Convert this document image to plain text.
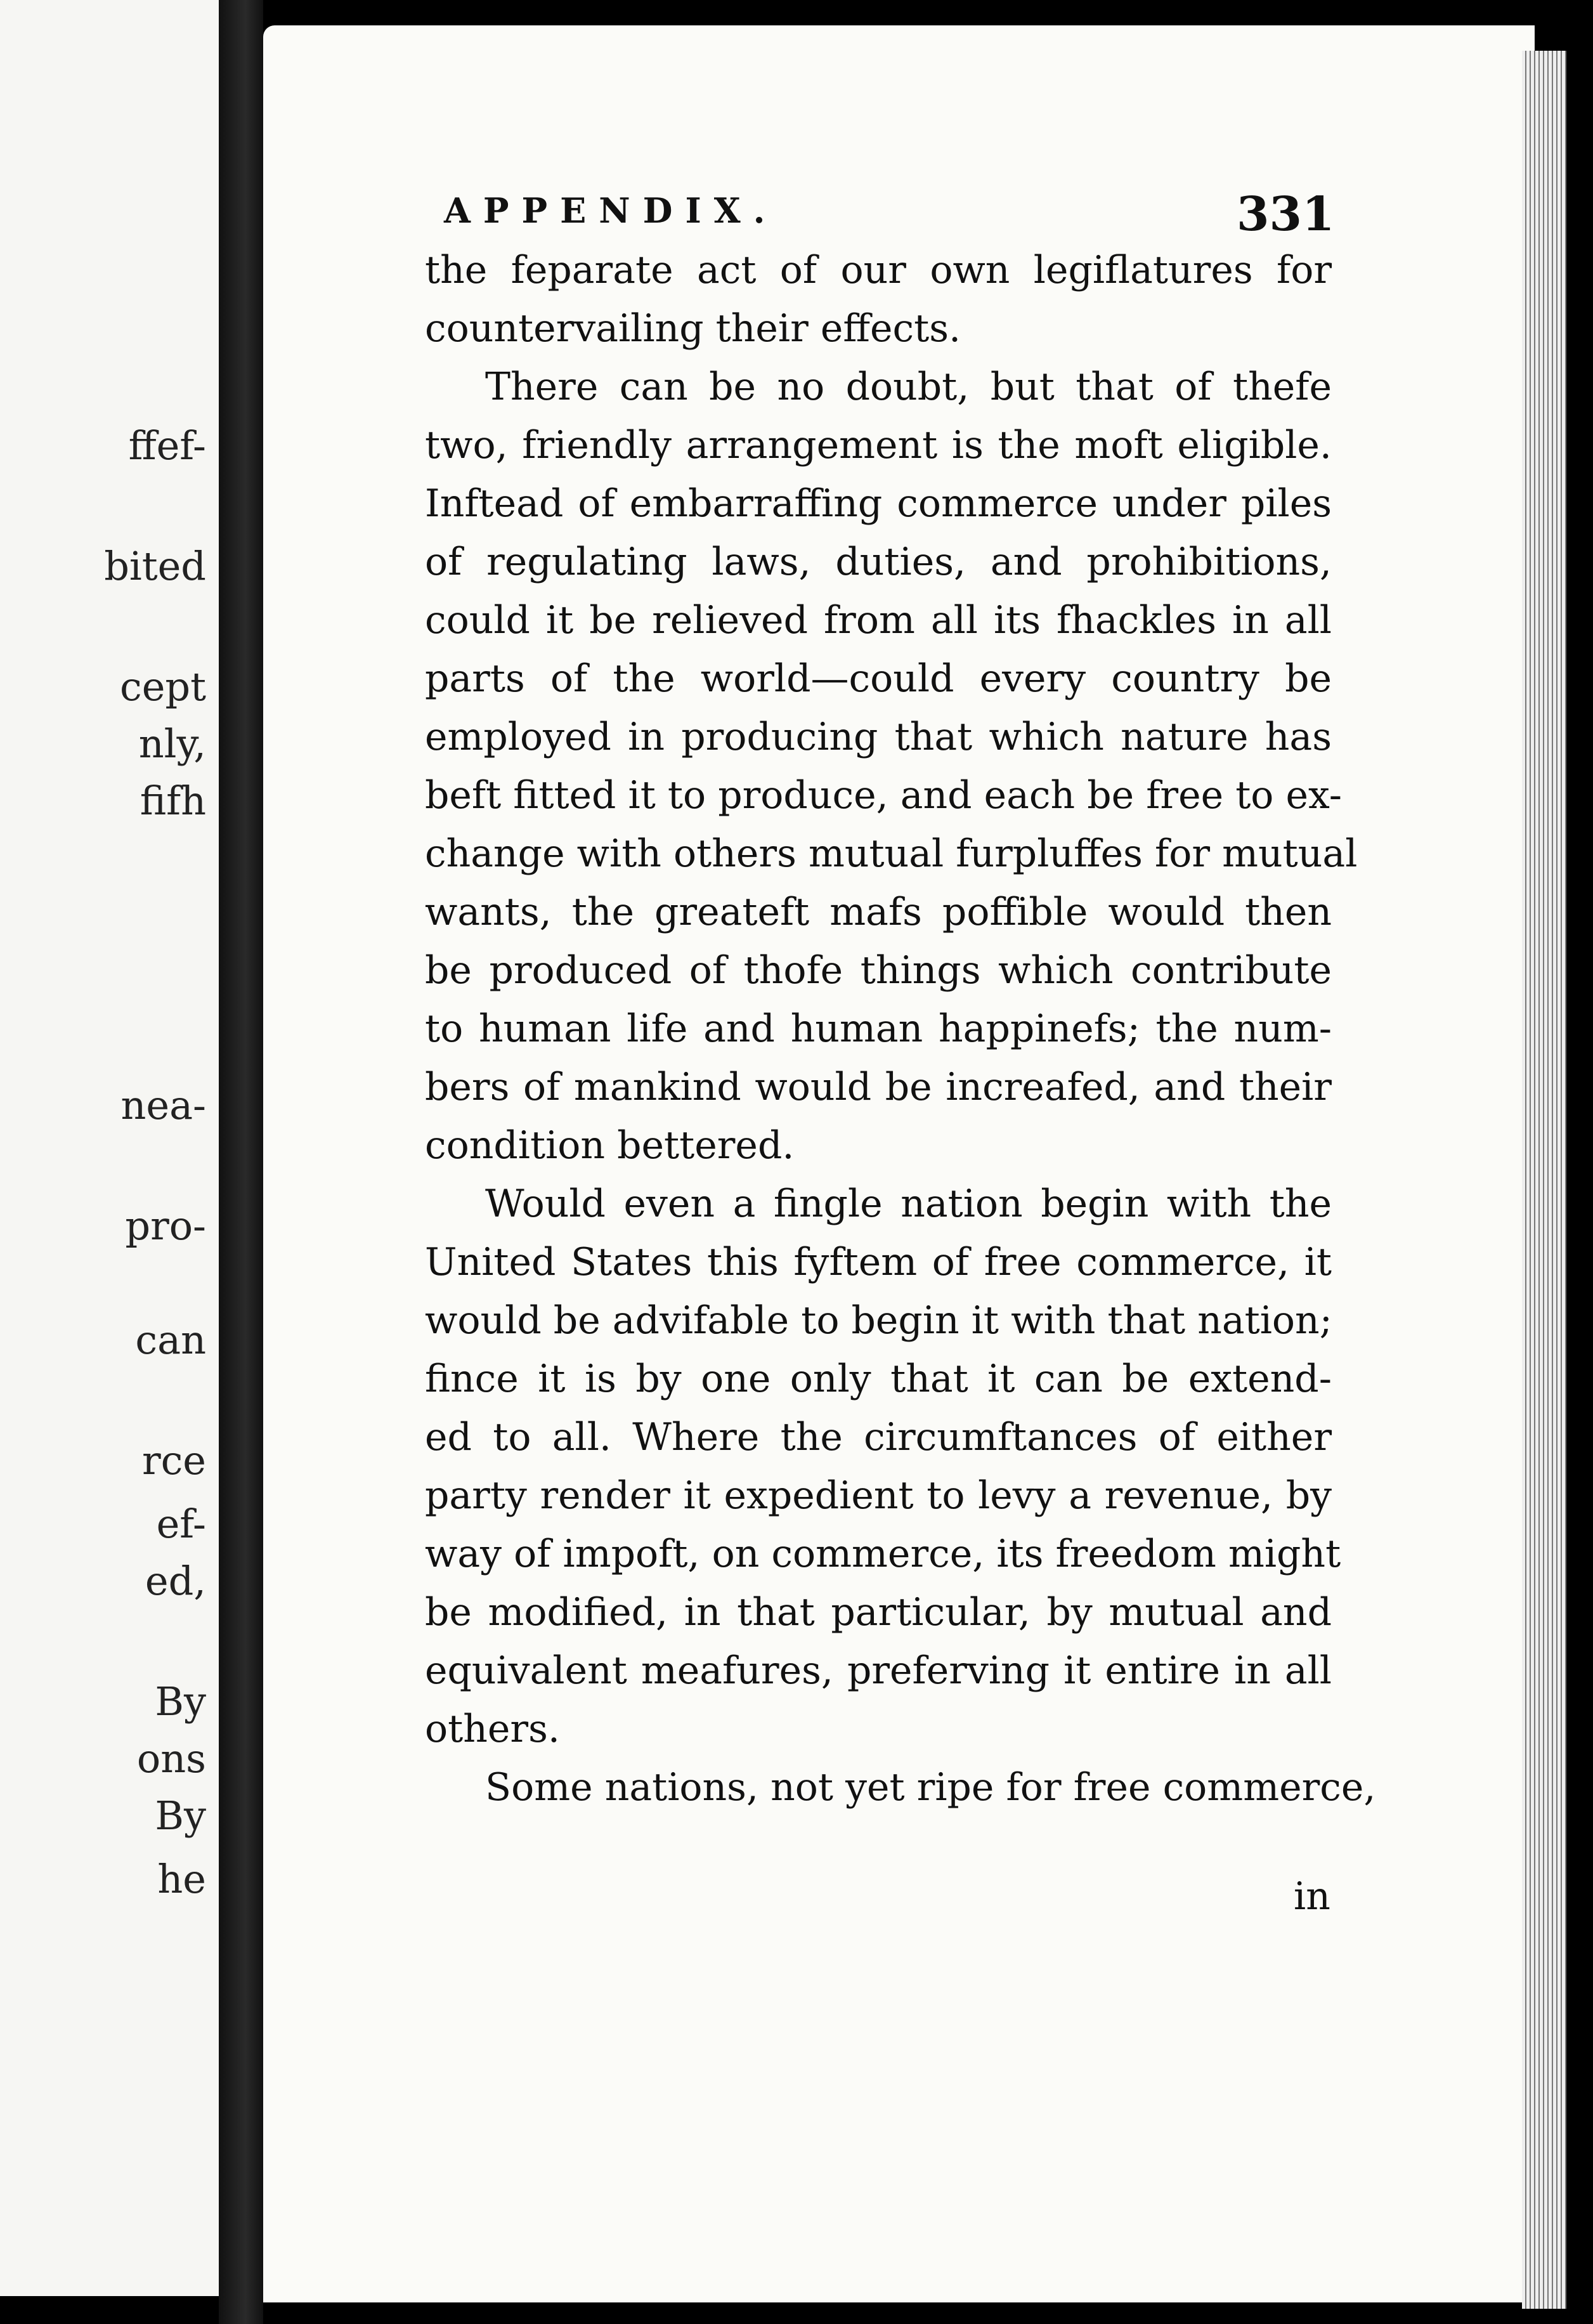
ffef-
bited
cept
nly,
fifh
nea-
pro-
can
rce
ef-
ed,
By
ons
By
he
APPENDIX.	331
the feparate act of our own legiflatures for
countervailing their effects.
There can be no doubt, but that of thefe
two, friendly arrangement is the moft eligible.
Inftead of embarraffing commerce under piles
of regulating laws, duties, and prohibitions,
could it be relieved from all its fhackles in all
parts of the world—could every country be
employed in producing that which nature has
beft fitted it to produce, and each be free to ex-
change with others mutual furpluffes for mutual
wants, the greateft mafs poffible would then
be produced of thofe things which contribute
to human life and human happinefs; the num-
bers of mankind would be increafed, and their
condition bettered.
Would even a fingle nation begin with the
United States this fyftem of free commerce, it
would be advifable to begin it with that nation;
fince it is by one only that it can be extend-
ed to all. Where the circumftances of either
party render it expedient to levy a revenue, by
way of impoft, on commerce, its freedom might
be modified, in that particular, by mutual and
equivalent meafures, preferving it entire in all
others.
Some nations, not yet ripe for free commerce,
in
